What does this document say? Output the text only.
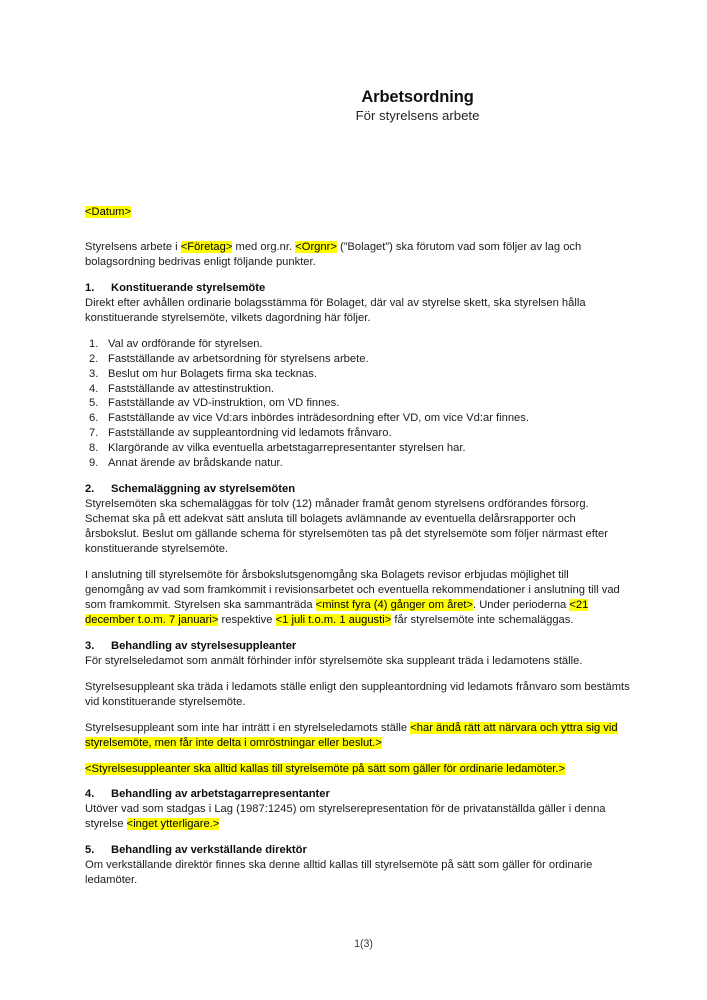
Arbetsordning
För styrelsens arbete
<Datum>

Styrelsens arbete i <Företag> med org.nr. <Orgnr> (”Bolaget”) ska förutom vad som följer av lag och bolagsordning bedrivas enligt följande punkter.

1. Konstituerande styrelsemöte

Direkt efter avhållen ordinarie bolagsstämma för Bolaget, där val av styrelse skett, ska styrelsen hålla konstituerande styrelsemöte, vilkets dagordning här följer.

1. Val av ordförande för styrelsen.
2. Fastställande av arbetsordning för styrelsens arbete.
3. Beslut om hur Bolagets firma ska tecknas.
4. Fastställande av attestinstruktion.
5. Fastställande av VD-instruktion, om VD finnes.
6. Fastställande av vice Vd:ars inbördes inträdesordning efter VD, om vice Vd:ar finnes.
7. Fastställande av suppleantordning vid ledamots frånvaro.
8. Klargörande av vilka eventuella arbetstagarrepresentanter styrelsen har.
9. Annat ärende av brådskande natur.
2. Schemaläggning av styrelsemöten

Styrelsemöten ska schemaläggas för tolv (12) månader framåt genom styrelsens ordförandes försorg. Schemat ska på ett adekvat sätt ansluta till bolagets avlämnande av eventuella delårsrapporter och årsbokslut. Beslut om gällande schema för styrelsemöten tas på det styrelsemöte som följer närmast efter konstituerande styrelsemöte.

I anslutning till styrelsemöte för årsbokslutsgenomgång ska Bolagets revisor erbjudas möjlighet till genomgång av vad som framkommit i revisionsarbetet och eventuella rekommendationer i anslutning till vad som framkommit. Styrelsen ska sammanträda <minst fyra (4) gånger om året>. Under perioderna <21 december t.o.m. 7 januari> respektive <1 juli t.o.m. 1 augusti> får styrelsemöte inte schemaläggas.

3. Behandling av styrelsesuppleanter

För styrelseledamot som anmält förhinder inför styrelsemöte ska suppleant träda i ledamotens ställe.

Styrelsesuppleant ska träda i ledamots ställe enligt den suppleantordning vid ledamots frånvaro som bestämts vid konstituerande styrelsemöte.

Styrelsesuppleant som inte har inträtt i en styrelseledamots ställe <har ändå rätt att närvara och yttra sig vid styrelsemöte, men får inte delta i omröstningar eller beslut.>

<Styrelsesuppleanter ska alltid kallas till styrelsemöte på sätt som gäller för ordinarie ledamöter.>

4. Behandling av arbetstagarrepresentanter

Utöver vad som stadgas i Lag (1987:1245) om styrelserepresentation för de privatanställda gäller i denna styrelse <inget ytterligare.>

5. Behandling av verkställande direktör

Om verkställande direktör finnes ska denne alltid kallas till styrelsemöte på sätt som gäller för ordinarie ledamöter.

1(3)
